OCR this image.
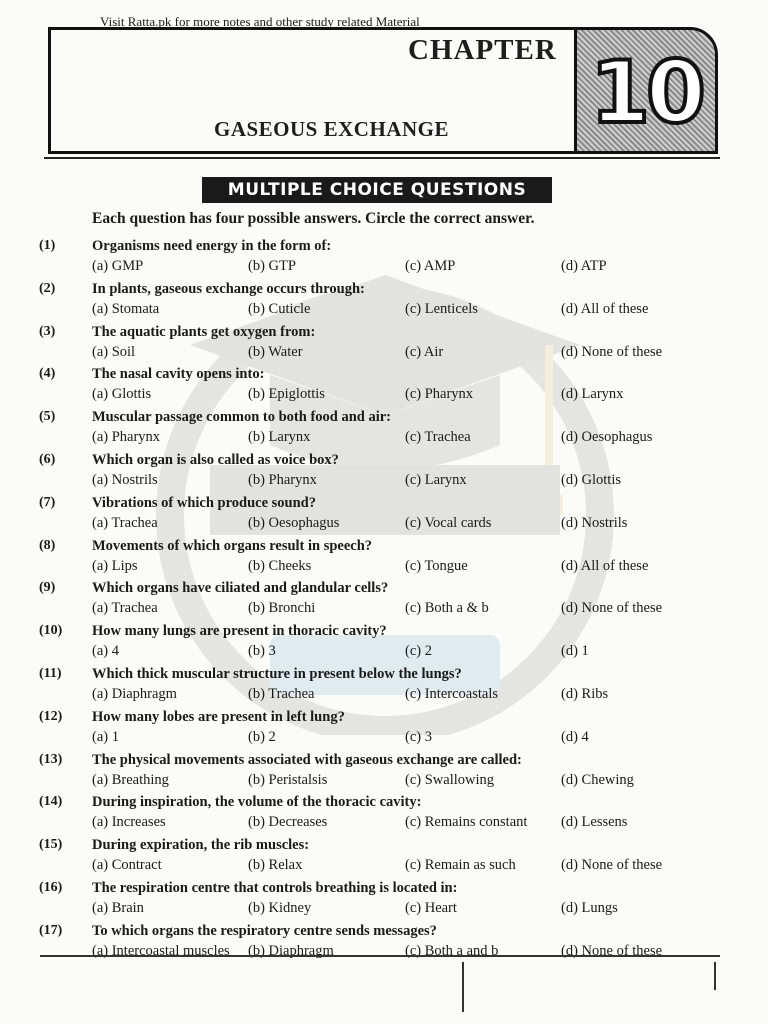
Visit Ratta.pk for more notes and other study related Material
CHAPTER
GASEOUS EXCHANGE 10
MULTIPLE CHOICE QUESTIONS
Each question has four possible answers. Circle the correct answer.
(1)	Organisms need energy in the form of:
(a) GMP	(b) GTP	(c) AMP	(d) ATP
(2)	In plants, gaseous exchange occurs through:
(a) Stomata	(b) Cuticle	(c) Lenticels	(d) All of these
(3)	The aquatic plants get oxygen from:
(a) Soil	(b) Water	(c) Air	(d) None of these
(4)	The nasal cavity opens into:
(a) Glottis	(b) Epiglottis	(c) Pharynx	(d) Larynx
(5)	Muscular passage common to both food and air:
(a) Pharynx	(b) Larynx	(c) Trachea	(d) Oesophagus
(6)	Which organ is also called as voice box?
(a) Nostrils	(b) Pharynx	(c) Larynx	(d) Glottis
(7)	Vibrations of which produce sound?
(a) Trachea	(b) Oesophagus	(c) Vocal cards	(d) Nostrils
(8)	Movements of which organs result in speech?
(a) Lips	(b) Cheeks	(c) Tongue	(d) All of these
(9)	Which organs have ciliated and glandular cells?
(a) Trachea	(b) Bronchi	(c) Both a & b	(d) None of these
(10)	How many lungs are present in thoracic cavity?
(a) 4	(b) 3	(c) 2	(d) 1
(11)	Which thick muscular structure in present below the lungs?
(a) Diaphragm	(b) Trachea	(c) Intercoastals	(d) Ribs
(12)	How many lobes are present in left lung?
(a) 1	(b) 2	(c) 3	(d) 4
(13)	The physical movements associated with gaseous exchange are called:
(a) Breathing	(b) Peristalsis	(c) Swallowing	(d) Chewing
(14)	During inspiration, the volume of the thoracic cavity:
(a) Increases	(b) Decreases	(c) Remains constant (d) Lessens
(15)	During expiration, the rib muscles:
(a) Contract	(b) Relax	(c) Remain as such	(d) None of these
(16)	The respiration centre that controls breathing is located in:
(a) Brain	(b) Kidney	(c) Heart	(d) Lungs
(17)	To which organs the respiratory centre sends messages?
(a) Intercoastal muscles (b) Diaphragm	(c) Both a and b	(d) None of these
